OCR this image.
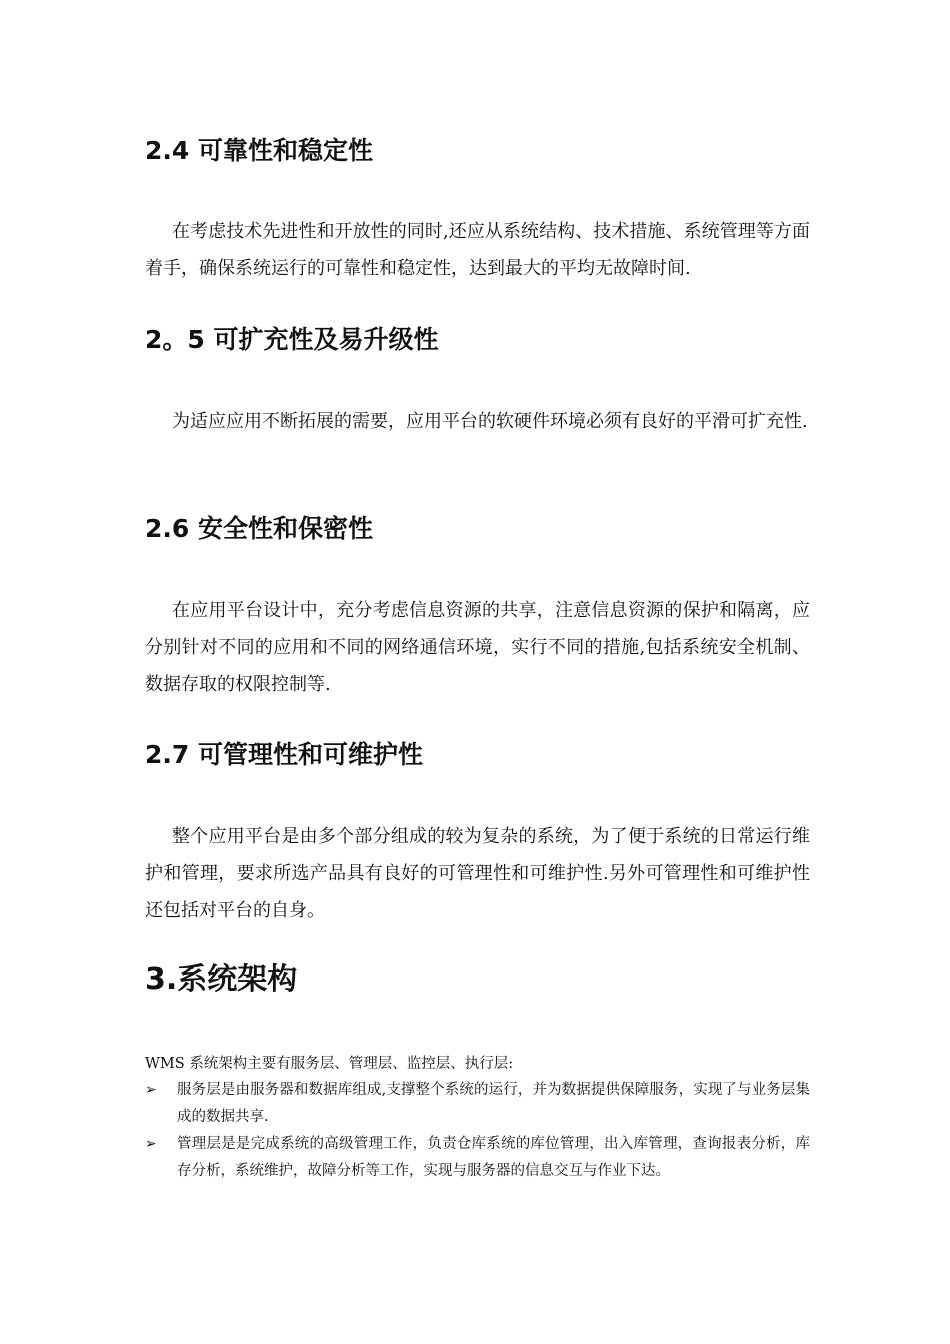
2.4 可靠性和稳定性

在考虑技术先进性和开放性的同时,还应从系统结构、技术措施、系统管理等方面着手，确保系统运行的可靠性和稳定性，达到最大的平均无故障时间.

2。5 可扩充性及易升级性

为适应应用不断拓展的需要，应用平台的软硬件环境必须有良好的平滑可扩充性.

2.6 安全性和保密性

在应用平台设计中，充分考虑信息资源的共享，注意信息资源的保护和隔离，应分别针对不同的应用和不同的网络通信环境，实行不同的措施,包括系统安全机制、数据存取的权限控制等.

2.7 可管理性和可维护性

整个应用平台是由多个部分组成的较为复杂的系统，为了便于系统的日常运行维护和管理，要求所选产品具有良好的可管理性和可维护性.另外可管理性和可维护性还包括对平台的自身。

3.系统架构

WMS 系统架构主要有服务层、管理层、监控层、执行层:

➢ 服务层是由服务器和数据库组成,支撑整个系统的运行，并为数据提供保障服务，实现了与业务层集成的数据共享.
➢ 管理层是是完成系统的高级管理工作，负责仓库系统的库位管理，出入库管理，查询报表分析，库存分析，系统维护，故障分析等工作，实现与服务器的信息交互与作业下达。
